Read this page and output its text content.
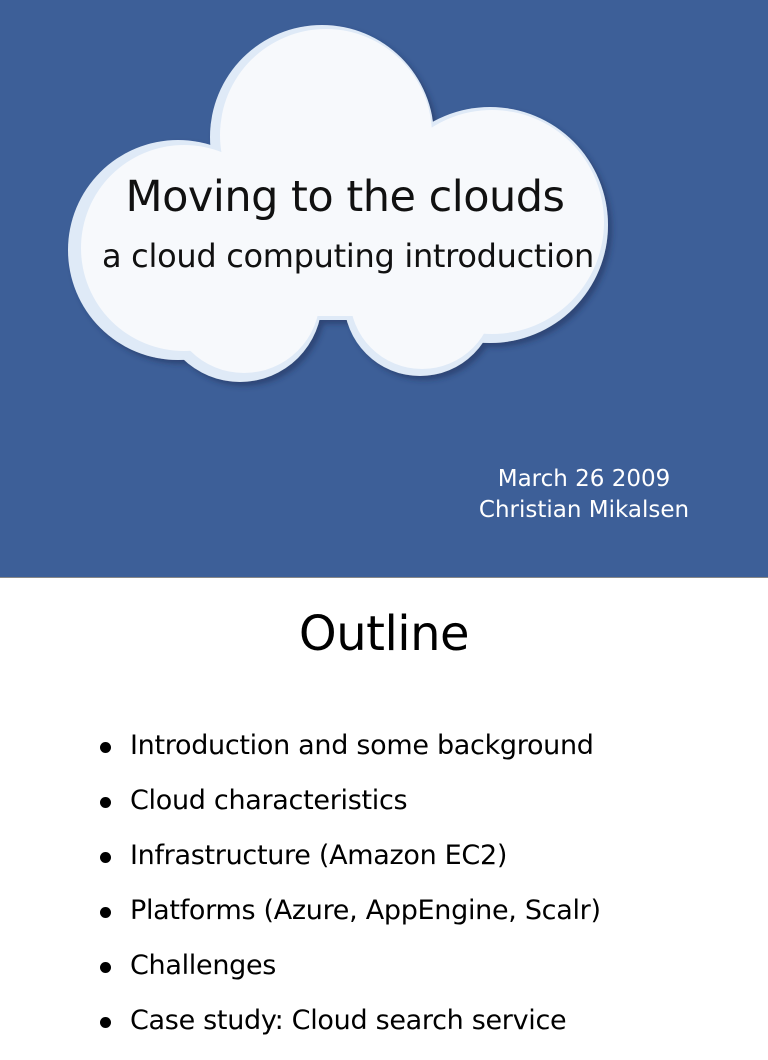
Moving to the clouds
a cloud computing introduction
March 26 2009
Christian Mikalsen
Outline
Introduction and some background
Cloud characteristics
Infrastructure (Amazon EC2)
Platforms (Azure, AppEngine, Scalr)
Challenges
Case study: Cloud search service
